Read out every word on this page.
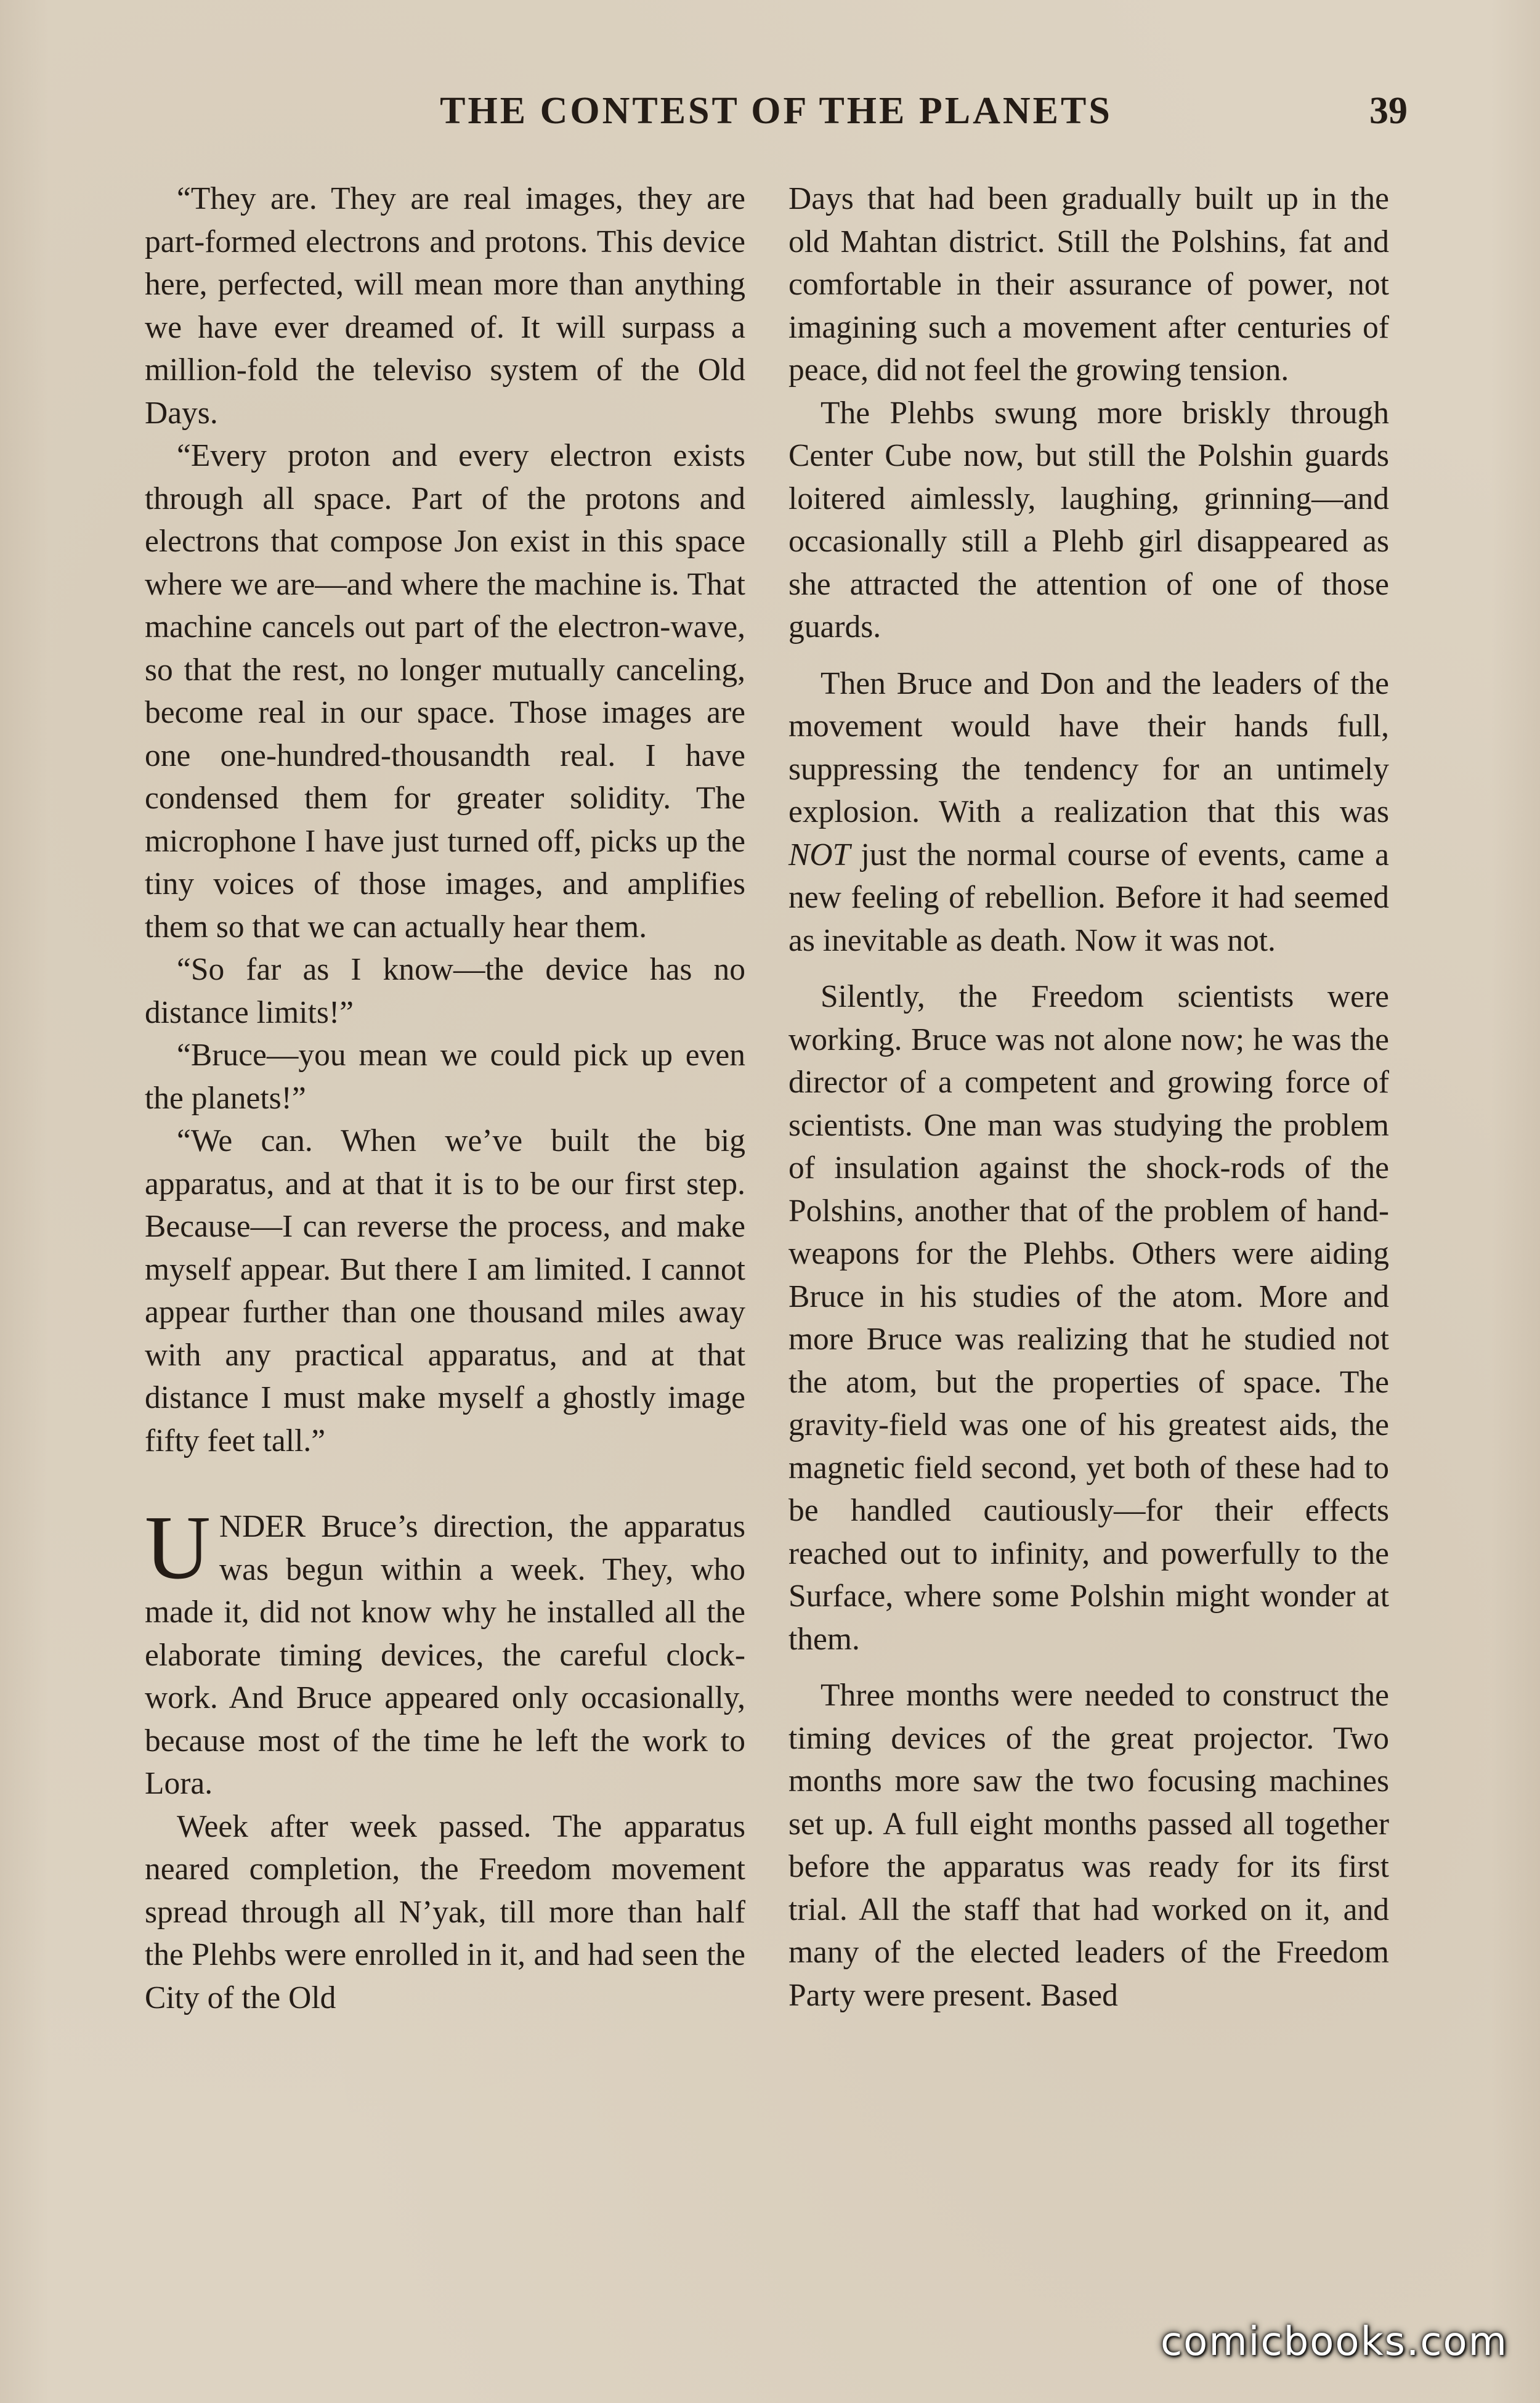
THE CONTEST OF THE PLANETS	39

“They are. They are real images, they are part-formed electrons and protons. This device here, perfected, will mean more than anything we have ever dreamed of. It will surpass a million-fold the televiso system of the Old Days.

“Every proton and every electron exists through all space. Part of the protons and electrons that compose Jon exist in this space where we are—and where the machine is. That machine cancels out part of the electron-wave, so that the rest, no longer mutually canceling, become real in our space. Those images are one one-hundred-thousandth real. I have condensed them for greater solidity. The microphone I have just turned off, picks up the tiny voices of those images, and amplifies them so that we can actually hear them.

“So far as I know—the device has no distance limits!”

“Bruce—you mean we could pick up even the planets!”

“We can. When we’ve built the big apparatus, and at that it is to be our first step. Because—I can reverse the process, and make myself appear. But there I am limited. I cannot appear further than one thousand miles away with any practical apparatus, and at that distance I must make myself a ghostly image fifty feet tall.”

UNDER Bruce’s direction, the apparatus was begun within a week. They, who made it, did not know why he installed all the elaborate timing devices, the careful clock-work. And Bruce appeared only occasionally, because most of the time he left the work to Lora.

Week after week passed. The apparatus neared completion, the Freedom movement spread through all N’yak, till more than half the Plehbs were enrolled in it, and had seen the City of the Old

Days that had been gradually built up in the old Mahtan district. Still the Polshins, fat and comfortable in their assurance of power, not imagining such a movement after centuries of peace, did not feel the growing tension.

The Plehbs swung more briskly through Center Cube now, but still the Polshin guards loitered aimlessly, laughing, grinning—and occasionally still a Plehb girl disappeared as she attracted the attention of one of those guards.

Then Bruce and Don and the leaders of the movement would have their hands full, suppressing the tendency for an untimely explosion. With a realization that this was NOT just the normal course of events, came a new feeling of rebellion. Before it had seemed as inevitable as death. Now it was not.

Silently, the Freedom scientists were working. Bruce was not alone now; he was the director of a competent and growing force of scientists. One man was studying the problem of insulation against the shock-rods of the Polshins, another that of the problem of hand-weapons for the Plehbs. Others were aiding Bruce in his studies of the atom. More and more Bruce was realizing that he studied not the atom, but the properties of space. The gravity-field was one of his greatest aids, the magnetic field second, yet both of these had to be handled cautiously—for their effects reached out to infinity, and powerfully to the Surface, where some Polshin might wonder at them.

Three months were needed to construct the timing devices of the great projector. Two months more saw the two focusing machines set up. A full eight months passed all together before the apparatus was ready for its first trial. All the staff that had worked on it, and many of the elected leaders of the Freedom Party were present. Based

comicbooks.com
